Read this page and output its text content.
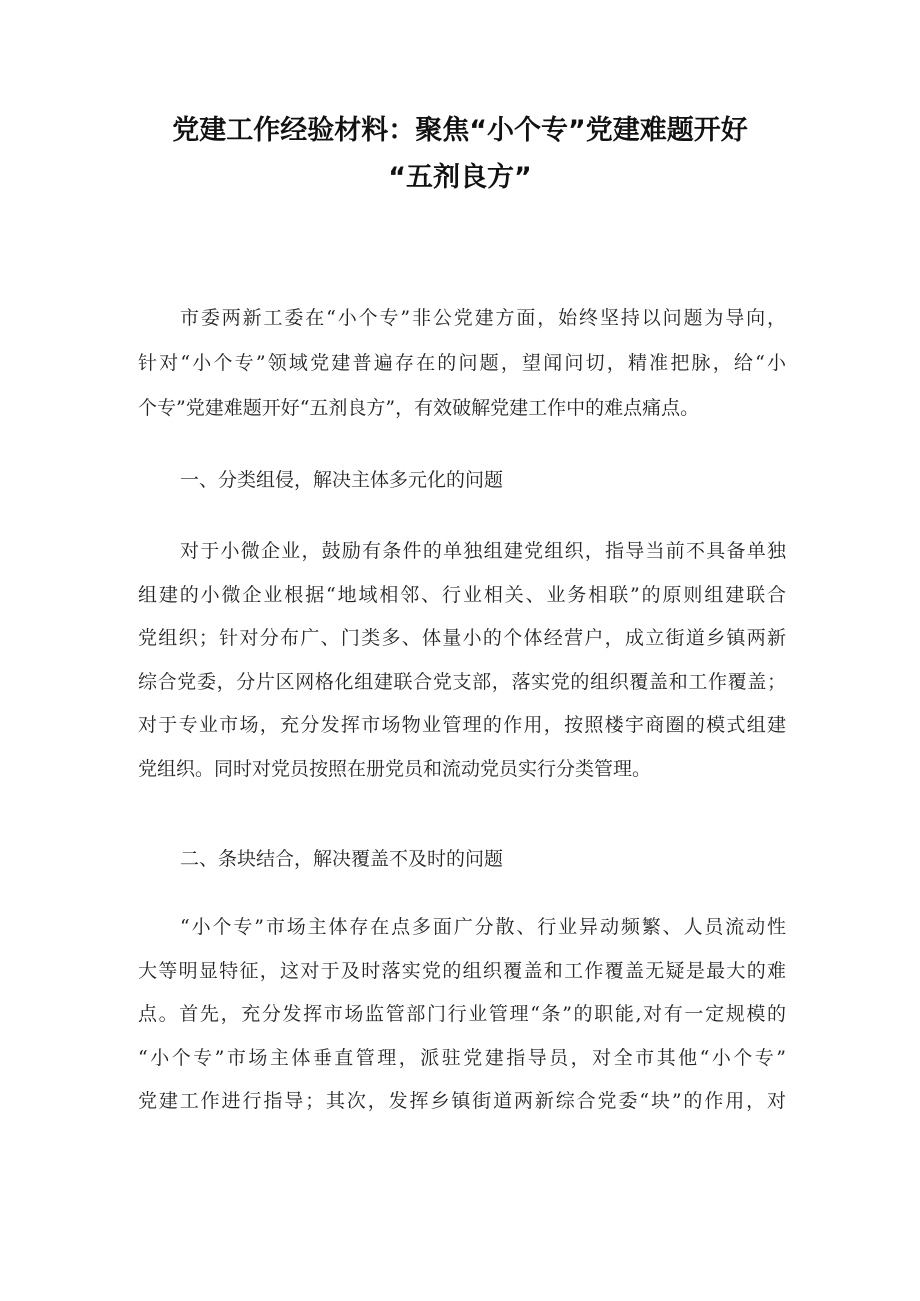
党建工作经验材料：聚焦“小个专”党建难题开好
“五剂良方”
市委两新工委在“小个专”非公党建方面，始终坚持以问题为导向，
针对“小个专”领域党建普遍存在的问题，望闻问切，精准把脉，给“小
个专”党建难题开好“五剂良方”，有效破解党建工作中的难点痛点。
一、分类组侵，解决主体多元化的问题
对于小微企业，鼓励有条件的单独组建党组织，指导当前不具备单独
组建的小微企业根据“地域相邻、行业相关、业务相联”的原则组建联合
党组织；针对分布广、门类多、体量小的个体经营户，成立街道乡镇两新
综合党委，分片区网格化组建联合党支部，落实党的组织覆盖和工作覆盖；
对于专业市场，充分发挥市场物业管理的作用，按照楼宇商圈的模式组建
党组织。同时对党员按照在册党员和流动党员实行分类管理。
二、条块结合，解决覆盖不及时的问题
“小个专”市场主体存在点多面广分散、行业异动频繁、人员流动性
大等明显特征，这对于及时落实党的组织覆盖和工作覆盖无疑是最大的难
点。首先，充分发挥市场监管部门行业管理“条”的职能,对有一定规模的
“小个专”市场主体垂直管理，派驻党建指导员，对全市其他“小个专”
党建工作进行指导；其次，发挥乡镇街道两新综合党委“块”的作用，对
